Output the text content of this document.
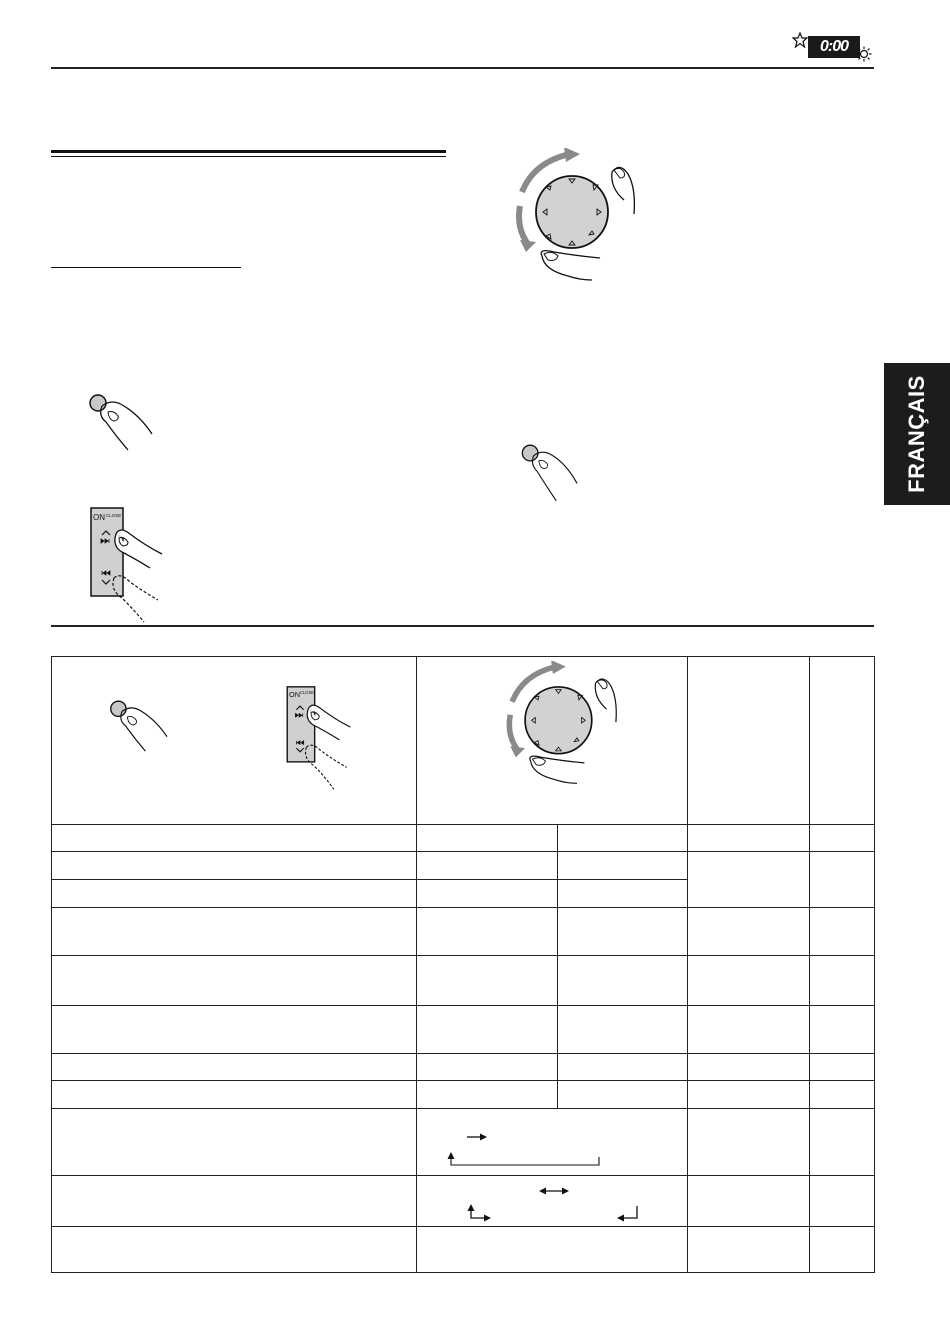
0:00
ON CLOSE
FRANÇAIS
ON CLOSE
